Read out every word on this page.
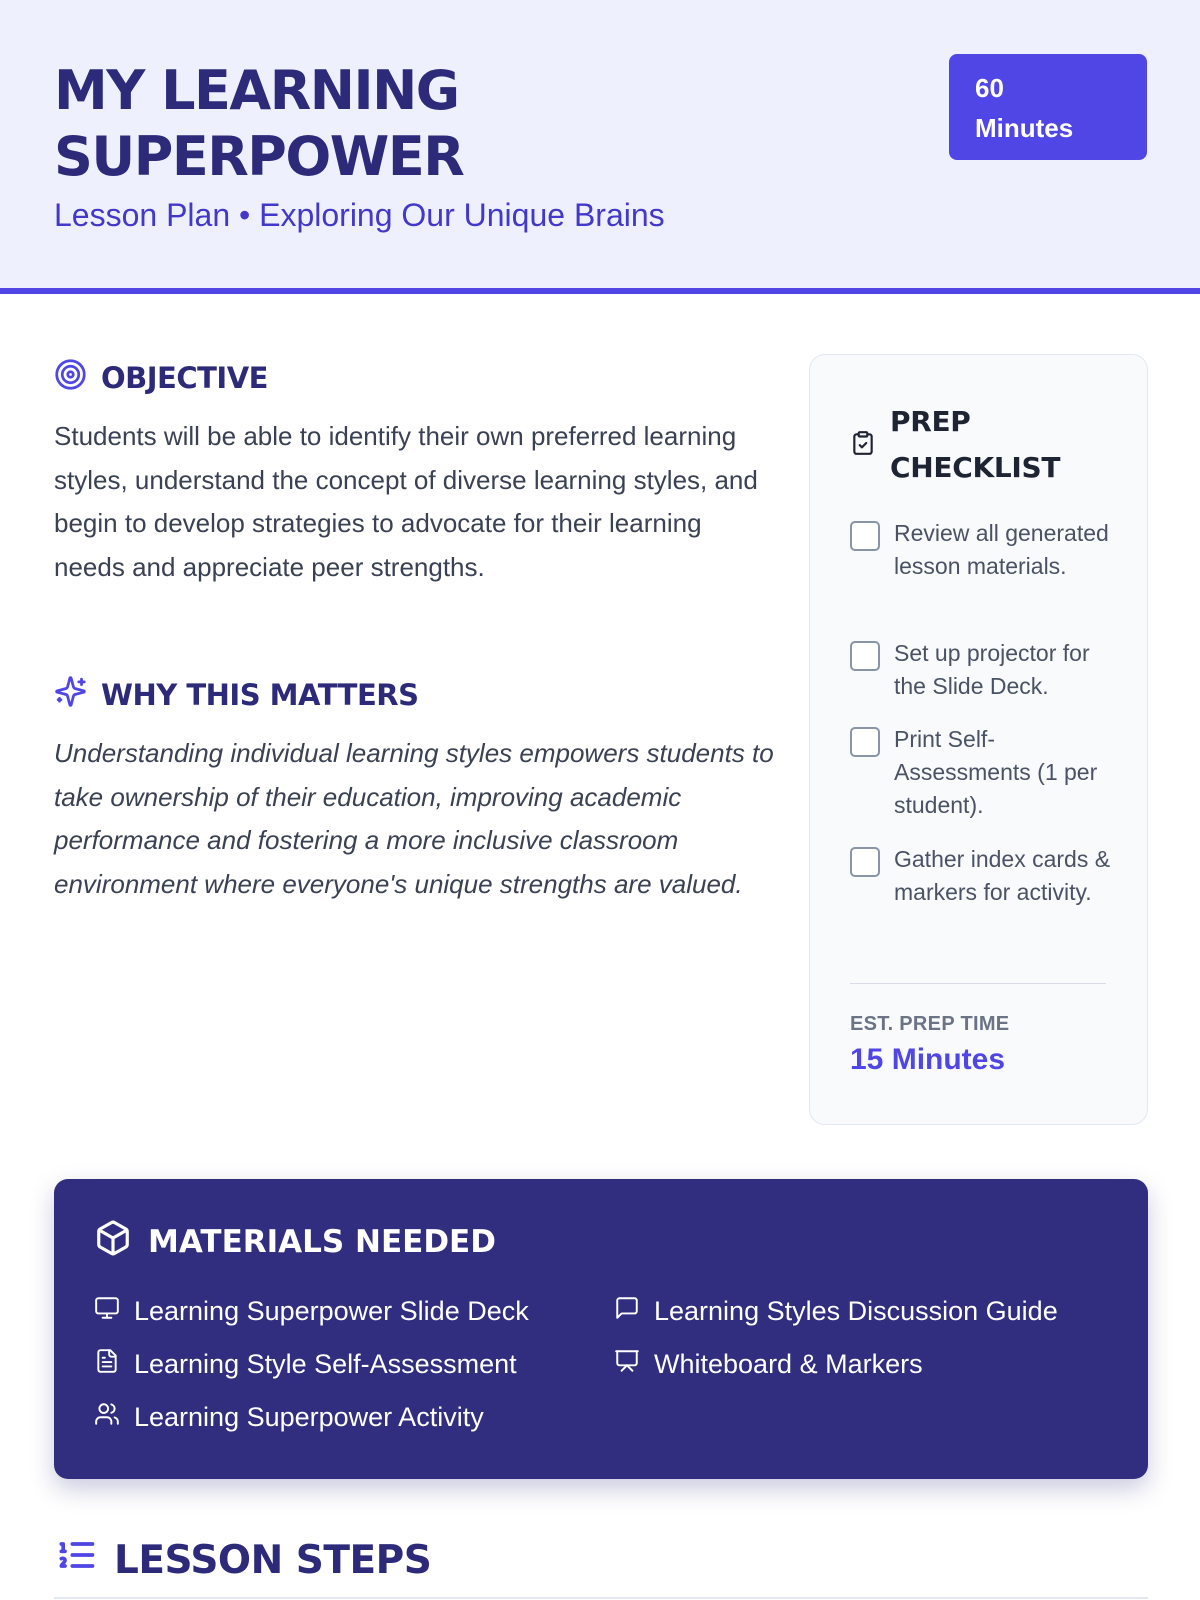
MY LEARNING
SUPERPOWER
Lesson Plan • Exploring Our Unique Brains
60
Minutes
OBJECTIVE
Students will be able to identify their own preferred learning styles, understand the concept of diverse learning styles, and begin to develop strategies to advocate for their learning needs and appreciate peer strengths.
WHY THIS MATTERS
Understanding individual learning styles empowers students to take ownership of their education, improving academic performance and fostering a more inclusive classroom environment where everyone's unique strengths are valued.
PREP
CHECKLIST
Review all generated lesson materials.
Set up projector for the Slide Deck.
Print Self-Assessments (1 per student).
Gather index cards & markers for activity.
EST. PREP TIME
15 Minutes
MATERIALS NEEDED
Learning Superpower Slide Deck	Learning Styles Discussion Guide
Learning Style Self-Assessment	Whiteboard & Markers
Learning Superpower Activity
LESSON STEPS
